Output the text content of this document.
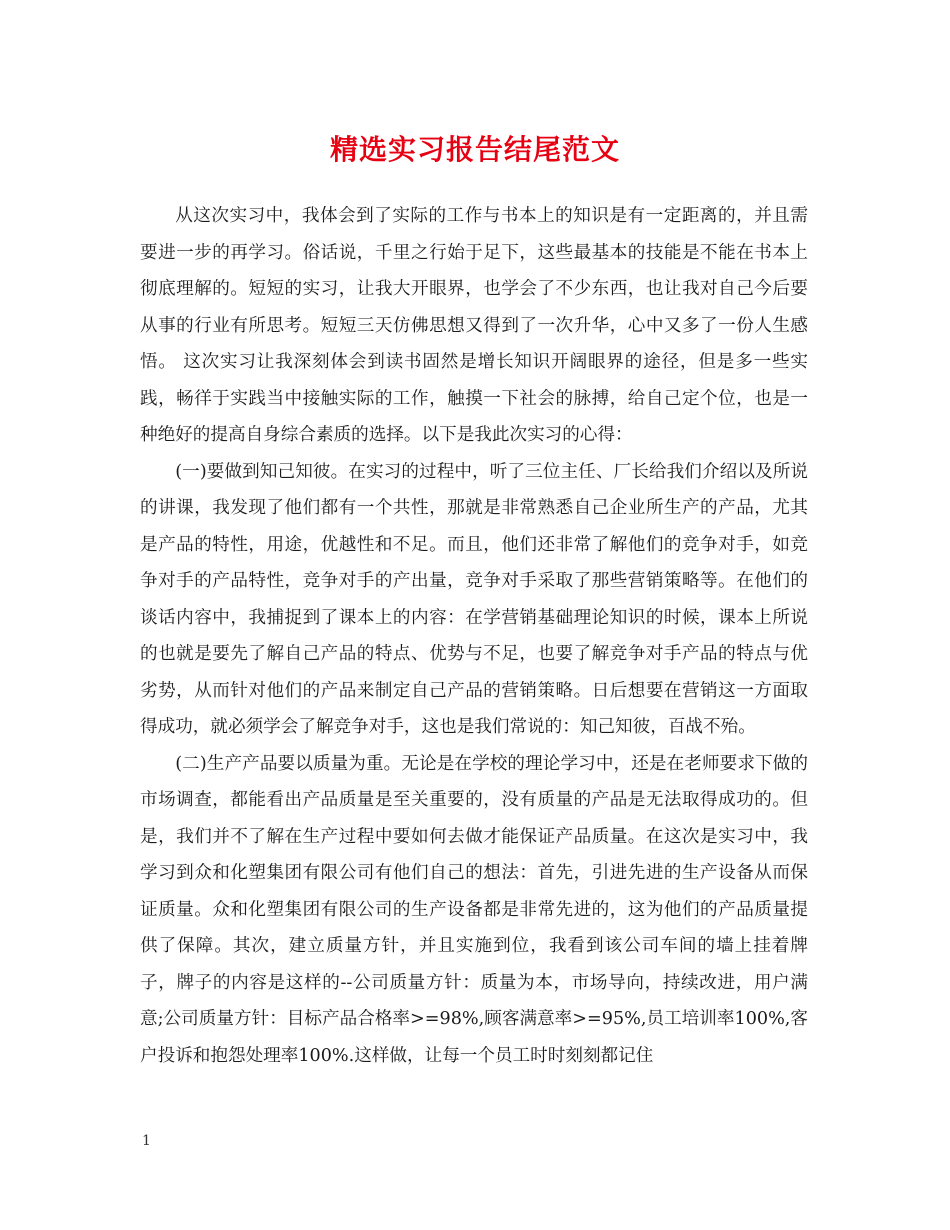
精选实习报告结尾范文

从这次实习中，我体会到了实际的工作与书本上的知识是有一定距离的，并且需要进一步的再学习。俗话说，千里之行始于足下，这些最基本的技能是不能在书本上彻底理解的。短短的实习，让我大开眼界，也学会了不少东西，也让我对自己今后要从事的行业有所思考。短短三天仿佛思想又得到了一次升华，心中又多了一份人生感悟。 这次实习让我深刻体会到读书固然是增长知识开阔眼界的途径，但是多一些实践，畅徉于实践当中接触实际的工作，触摸一下社会的脉搏，给自己定个位，也是一种绝好的提高自身综合素质的选择。以下是我此次实习的心得：

(一)要做到知己知彼。在实习的过程中，听了三位主任、厂长给我们介绍以及所说的讲课，我发现了他们都有一个共性，那就是非常熟悉自己企业所生产的产品，尤其是产品的特性，用途，优越性和不足。而且，他们还非常了解他们的竞争对手，如竞争对手的产品特性，竞争对手的产出量，竞争对手采取了那些营销策略等。在他们的谈话内容中，我捕捉到了课本上的内容：在学营销基础理论知识的时候，课本上所说的也就是要先了解自己产品的特点、优势与不足，也要了解竞争对手产品的特点与优劣势，从而针对他们的产品来制定自己产品的营销策略。日后想要在营销这一方面取得成功，就必须学会了解竞争对手，这也是我们常说的：知己知彼，百战不殆。

(二)生产产品要以质量为重。无论是在学校的理论学习中，还是在老师要求下做的市场调查，都能看出产品质量是至关重要的，没有质量的产品是无法取得成功的。但是，我们并不了解在生产过程中要如何去做才能保证产品质量。在这次是实习中，我学习到众和化塑集团有限公司有他们自己的想法：首先，引进先进的生产设备从而保证质量。众和化塑集团有限公司的生产设备都是非常先进的，这为他们的产品质量提供了保障。其次，建立质量方针，并且实施到位，我看到该公司车间的墙上挂着牌子，牌子的内容是这样的--公司质量方针：质量为本，市场导向，持续改进，用户满意;公司质量方针：目标产品合格率>=98%,顾客满意率>=95%,员工培训率100%,客户投诉和抱怨处理率100%.这样做，让每一个员工时时刻刻都记住

1
